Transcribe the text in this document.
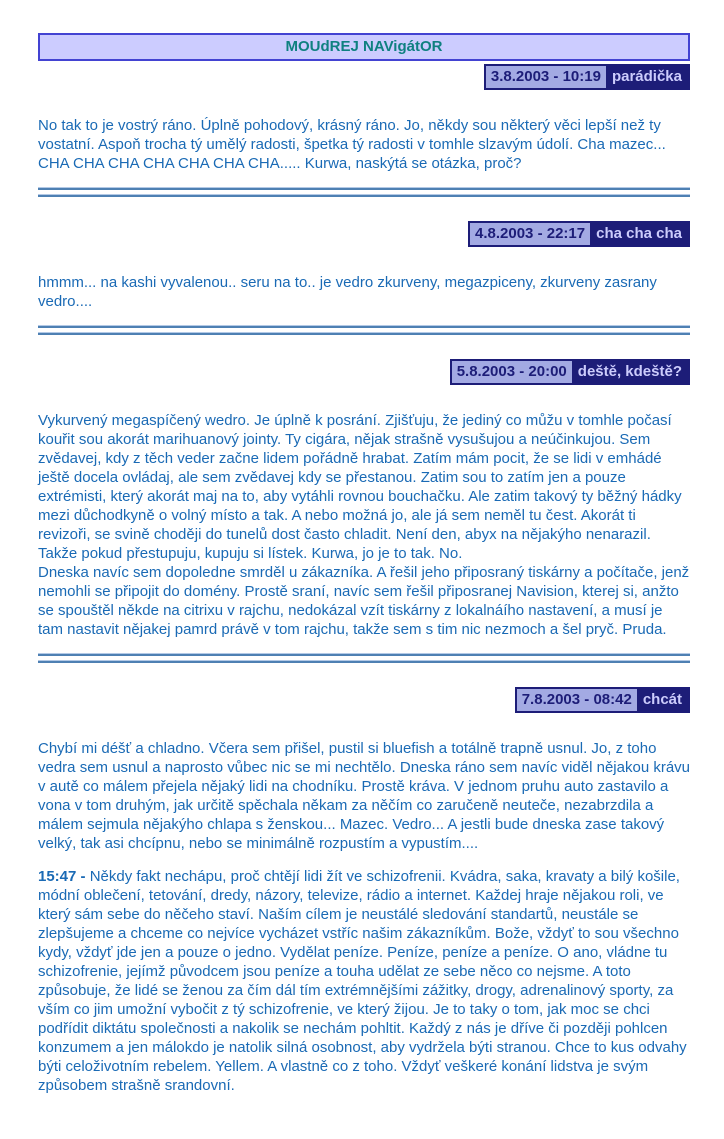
MOUdREJ NAVigátOR
3.8.2003 - 10:19 parádička

No tak to je vostrý ráno. Úplně pohodový, krásný ráno. Jo, někdy sou některý věci lepší než ty vostatní. Aspoň trocha tý umělý radosti, špetka tý radosti v tomhle slzavým údolí. Cha mazec... CHA CHA CHA CHA CHA CHA CHA..... Kurwa, naskýtá se otázka, proč?

4.8.2003 - 22:17 cha cha cha

hmmm... na kashi vyvalenou.. seru na to.. je vedro zkurveny, megazpiceny, zkurveny zasrany vedro....

5.8.2003 - 20:00 deště, kdeště?

Vykurvený megaspíčený wedro. Je úplně k posrání. Zjišťuju, že jediný co můžu v tomhle počasí kouřit sou akorát marihuanový jointy. Ty cigára, nějak strašně vysušujou a neúčinkujou. Sem zvědavej, kdy z těch veder začne lidem pořádně hrabat. Zatím mám pocit, že se lidi v emhádé ještě docela ovládaj, ale sem zvědavej kdy se přestanou. Zatim sou to zatím jen a pouze extrémisti, který akorát maj na to, aby vytáhli rovnou bouchačku. Ale zatim takový ty běžný hádky mezi důchodkyně o volný místo a tak. A nebo možná jo, ale já sem neměl tu čest. Akorát ti revizoři, se svině choději do tunelů dost často chladit. Není den, abyx na nějakýho nenarazil. Takže pokud přestupuju, kupuju si lístek. Kurwa, jo je to tak. No.
Dneska navíc sem dopoledne smrděl u zákazníka. A řešil jeho připosraný tiskárny a počítače, jenž nemohli se připojit do domény. Prostě sraní, navíc sem řešil připosranej Navision, kterej si, anžto se spouštěl někde na citrixu v rajchu, nedokázal vzít tiskárny z lokalnáího nastavení, a musí je tam nastavit nějakej pamrd právě v tom rajchu, takže sem s tim nic nezmoch a šel pryč. Pruda.

7.8.2003 - 08:42 chcát

Chybí mi déšť a chladno. Včera sem přišel, pustil si bluefish a totálně trapně usnul. Jo, z toho vedra sem usnul a naprosto vůbec nic se mi nechtělo. Dneska ráno sem navíc viděl nějakou krávu v autě co málem přejela nějaký lidi na chodníku. Prostě kráva. V jednom pruhu auto zastavilo a vona v tom druhým, jak určitě spěchala někam za něčím co zaručeně neuteče, nezabrzdila a málem sejmula nějakýho chlapa s ženskou... Mazec. Vedro... A jestli bude dneska zase takový velký, tak asi chcípnu, nebo se minimálně rozpustím a vypustím....

15:47 - Někdy fakt nechápu, proč chtějí lidi žít ve schizofrenii. Kvádra, saka, kravaty a bilý košile, módní oblečení, tetování, dredy, názory, televize, rádio a internet. Každej hraje nějakou roli, ve který sám sebe do něčeho staví. Naším cílem je neustálé sledování standartů, neustále se zlepšujeme a chceme co nejvíce vycházet vstříc našim zákazníkům. Bože, vždyť to sou všechno kydy, vždyť jde jen a pouze o jedno. Vydělat peníze. Peníze, peníze a peníze. O ano, vládne tu schizofrenie, jejímž původcem jsou peníze a touha udělat ze sebe něco co nejsme. A toto způsobuje, že lidé se ženou za čím dál tím extrémnějšími zážitky, drogy, adrenalinový sporty, za vším co jim umožní vybočit z tý schizofrenie, ve který žijou. Je to taky o tom, jak moc se chci podřídit diktátu společnosti a nakolik se nechám pohltit. Každý z nás je dříve či později pohlcen konzumem a jen málokdo je natolik silná osobnost, aby vydržela býti stranou. Chce to kus odvahy býti celoživotním rebelem. Yellem. A vlastně co z toho. Vždyť veškeré konání lidstva je svým způsobem strašně srandovní.
